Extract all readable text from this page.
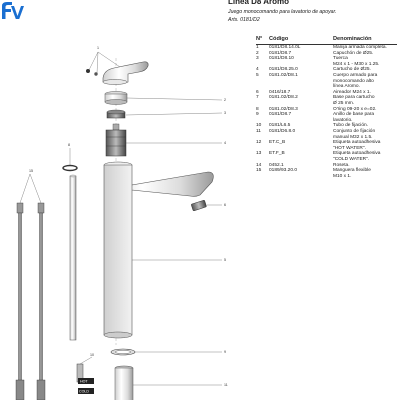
Línea D8 Aromo
Juego monocomando para lavatorio de apoyar.
Arts. 0181/D2
N° Código	Denominación
1	0181/D8.14.0L	Manija armada completa.
2	0181/D8.7	Capuchón de Ø25.
3	0181/D8.10	Tuerca
M24 x 1 - M30 x 1.25.
4	0181/D8.25.0	Cartucho de Ø25.
5	0181.02/D8.1	Cuerpo armado para
monocomando alto
línea Aromo.
6	0416/18.7	Aireador M24 x 1.
7	0181.02/D8.2	Base para cartucho
Ø 25 mm.
8	0181.02/D8.3	O'ring 09-20 x e=02.
9	0181/D8.7	Anillo de base para
lavatorio.
10	0181/L6.5	Tubo de fijación.
11	0181/D6.8.0	Conjunto de fijación
manual M32 x 1.5.
12	ET.C_B	Etiqueta autoadhesiva
"HOT WATER".
13	ET.F_B	Etiqueta autoadhesiva
"COLD WATER".
14	0452.1	Roseta.
15	0189/93.20.0	Manguera flexible
M10 x 1.
HOT
COLD
1
2
3
4
5
6
8
15
9
11
10
